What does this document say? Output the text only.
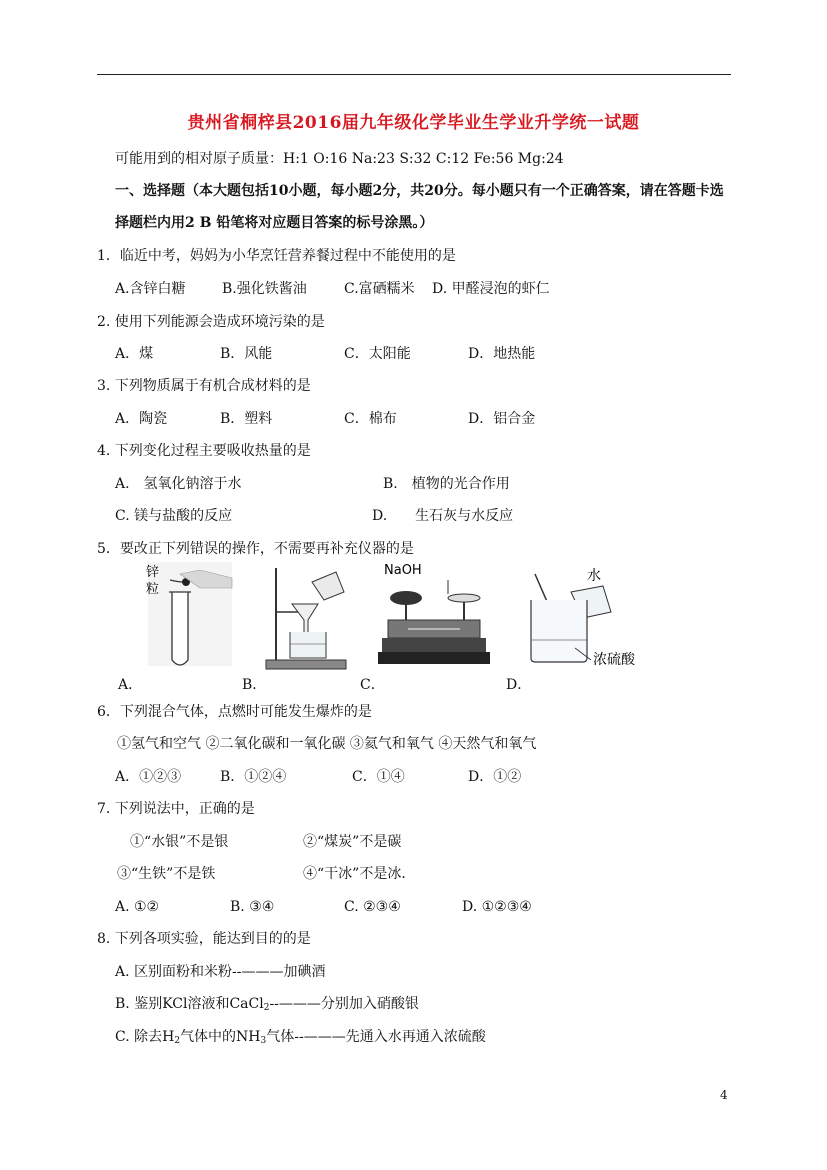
贵州省桐梓县2016届九年级化学毕业生学业升学统一试题
可能用到的相对原子质量：H:1 O:16 Na:23 S:32 C:12 Fe:56 Mg:24
一、选择题（本大题包括10小题，每小题2分，共20分。每小题只有一个正确答案，请在答题卡选
择题栏内用2 B 铅笔将对应题目答案的标号涂黑。）
1．临近中考，妈妈为小华烹饪营养餐过程中不能使用的是
A.含锌白糖	B.强化铁酱油	C.富硒糯米 D. 甲醛浸泡的虾仁
2. 使用下列能源会造成环境污染的是
A．煤	B．风能	C．太阳能	D．地热能
3. 下列物质属于有机合成材料的是
A．陶瓷	B．塑料	C．棉布	D．铝合金
4. 下列变化过程主要吸收热量的是
A.　氢氧化钠溶于水	B.　植物的光合作用
C. 镁与盐酸的反应	D.　　生石灰与水反应
5．要改正下列错误的操作，不需要再补充仪器的是
锌
粒
NaOH	水
浓硫酸
A．	B．	C．	D．
6．下列混合气体，点燃时可能发生爆炸的是
①氢气和空气 ②二氧化碳和一氧化碳 ③氦气和氧气 ④天然气和氧气
A．①②③	B．①②④	C．①④	D．①②
7. 下列说法中，正确的是
①“水银”不是银	②“煤炭”不是碳
③“生铁”不是铁	④“干冰”不是冰．
A. ①②	B. ③④	C. ②③④	D. ①②③④
8. 下列各项实验，能达到目的的是
A. 区别面粉和米粉--———加碘酒
B. 鉴别KCl溶液和CaCl$_2$--———分别加入硝酸银
C. 除去$H_2$气体中的$NH_3$气体--———先通入水再通入浓硫酸
4
